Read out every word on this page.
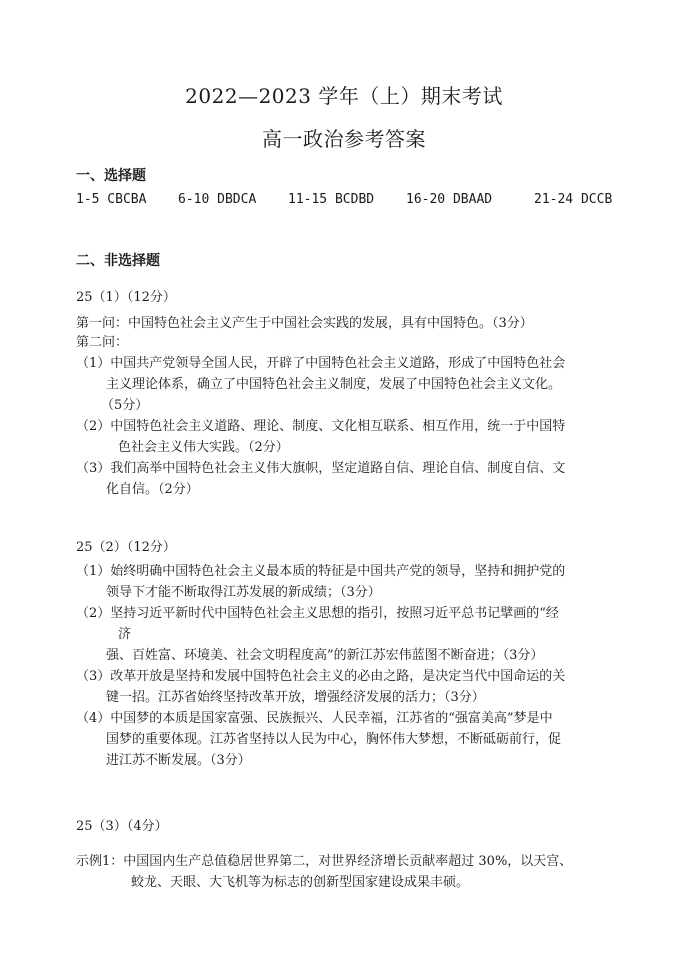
2022—2023 学年（上）期末考试
高一政治参考答案
一、选择题
1-5 CBCBA 6-10 DBDCA 11-15 BCDBD 16-20 DBAAD	21-24 DCCB
二、非选择题
25（1）（12分）
第一问：中国特色社会主义产生于中国社会实践的发展，具有中国特色。（3分）
第二问：
（1）中国共产党领导全国人民，开辟了中国特色社会主义道路，形成了中国特色社会
主义理论体系，确立了中国特色社会主义制度，发展了中国特色社会主义文化。
（5分）
（2）中国特色社会主义道路、理论、制度、文化相互联系、相互作用，统一于中国特
色社会主义伟大实践。（2分）
（3）我们高举中国特色社会主义伟大旗帜，坚定道路自信、理论自信、制度自信、文
化自信。（2分）
25（2）（12分）
（1）始终明确中国特色社会主义最本质的特征是中国共产党的领导，坚持和拥护党的
领导下才能不断取得江苏发展的新成绩；（3分）
（2）坚持习近平新时代中国特色社会主义思想的指引，按照习近平总书记擘画的“经
济
强、百姓富、环境美、社会文明程度高”的新江苏宏伟蓝图不断奋进；（3分）
（3）改革开放是坚持和发展中国特色社会主义的必由之路，是决定当代中国命运的关
键一招。江苏省始终坚持改革开放，增强经济发展的活力；（3分）
（4）中国梦的本质是国家富强、民族振兴、人民幸福，江苏省的“强富美高”梦是中
国梦的重要体现。江苏省坚持以人民为中心，胸怀伟大梦想，不断砥砺前行，促
进江苏不断发展。（3分）
25（3）（4分）
示例1：中国国内生产总值稳居世界第二，对世界经济增长贡献率超过 30%，以天宫、
蛟龙、天眼、大飞机等为标志的创新型国家建设成果丰硕。
